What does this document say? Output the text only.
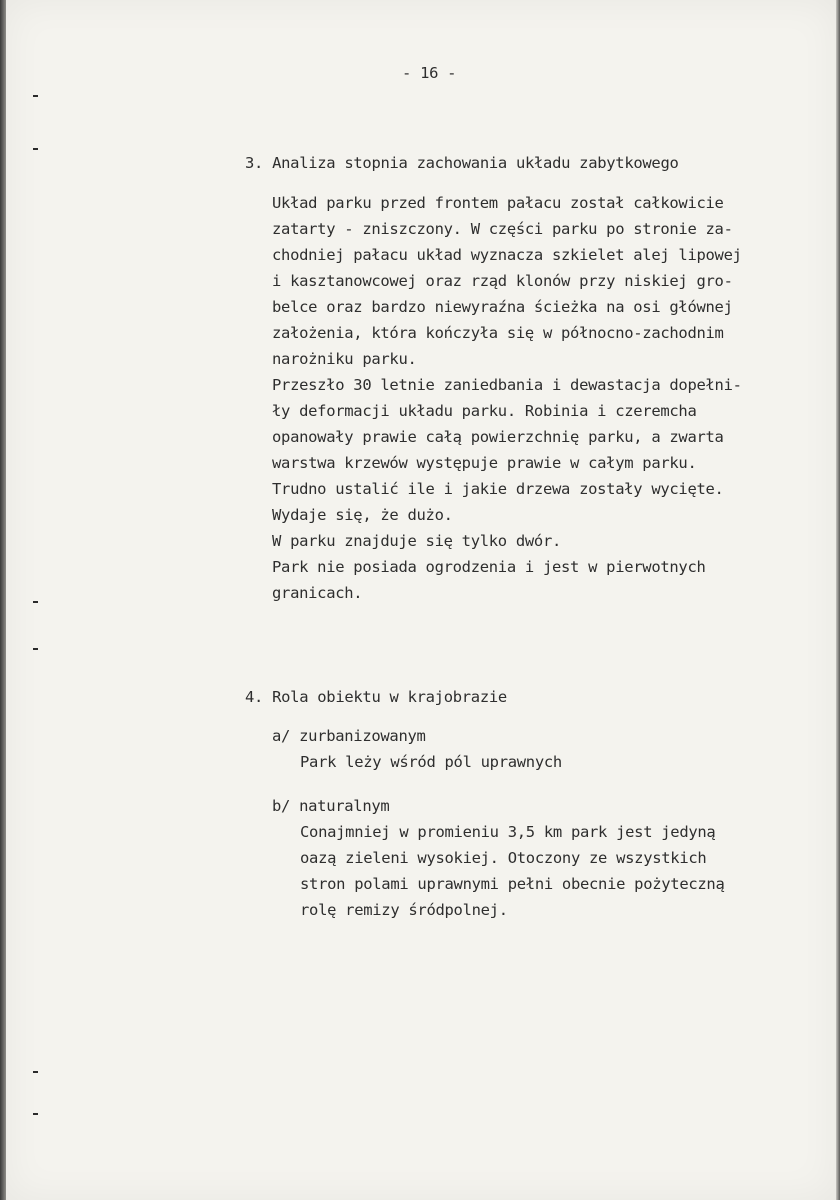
- 16 -
3. Analiza stopnia zachowania układu zabytkowego
Układ parku przed frontem pałacu został całkowicie
zatarty - zniszczony. W części parku po stronie za-
chodniej pałacu układ wyznacza szkielet alej lipowej
i kasztanowcowej oraz rząd klonów przy niskiej gro-
belce oraz bardzo niewyraźna ścieżka na osi głównej
założenia, która kończyła się w północno-zachodnim
narożniku parku.
Przeszło 30 letnie zaniedbania i dewastacja dopełni-
ły deformacji układu parku. Robinia i czeremcha
opanowały prawie całą powierzchnię parku, a zwarta
warstwa krzewów występuje prawie w całym parku.
Trudno ustalić ile i jakie drzewa zostały wycięte.
Wydaje się, że dużo.
W parku znajduje się tylko dwór.
Park nie posiada ogrodzenia i jest w pierwotnych
granicach.
4. Rola obiektu w krajobrazie
a/ zurbanizowanym
Park leży wśród pól uprawnych
b/ naturalnym
Conajmniej w promieniu 3,5 km park jest jedyną
oazą zieleni wysokiej. Otoczony ze wszystkich
stron polami uprawnymi pełni obecnie pożyteczną
rolę remizy śródpolnej.
